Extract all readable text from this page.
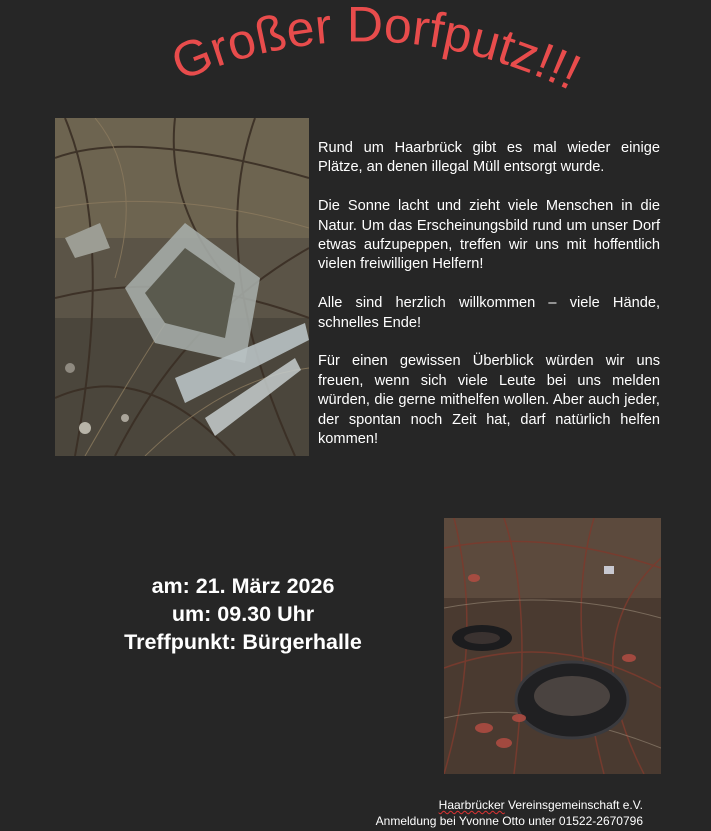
Großer Dorfputz!!!

Rund um Haarbrück gibt es mal wieder einige Plätze, an denen illegal Müll entsorgt wurde.

Die Sonne lacht und zieht viele Menschen in die Natur. Um das Erscheinungsbild rund um unser Dorf etwas aufzupeppen, treffen wir uns mit hoffentlich vielen freiwilligen Helfern!

Alle sind herzlich willkommen – viele Hände, schnelles Ende!

Für einen gewissen Überblick würden wir uns freuen, wenn sich viele Leute bei uns melden würden, die gerne mithelfen wollen. Aber auch jeder, der spontan noch Zeit hat, darf natürlich helfen kommen!

am: 21. März 2026
um: 09.30 Uhr
Treffpunkt: Bürgerhalle
Haarbrücker Vereinsgemeinschaft e.V.
Anmeldung bei Yvonne Otto unter 01522-2670796
